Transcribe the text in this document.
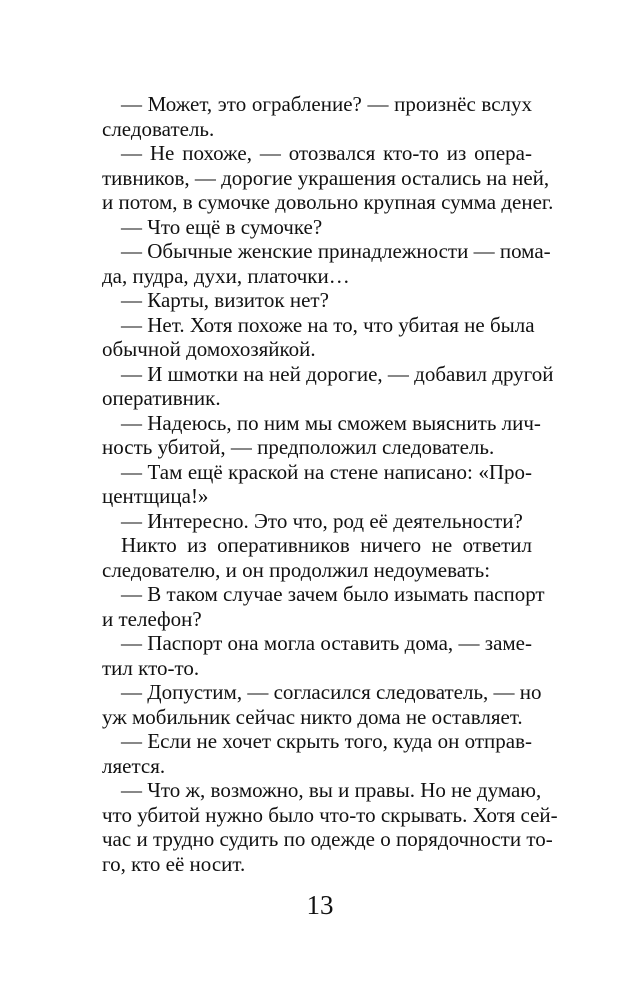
— Может, это ограбление? — произнёс вслух
следователь.
— Не похоже, — отозвался кто-то из опера-
тивников, — дорогие украшения остались на ней,
и потом, в сумочке довольно крупная сумма денег.
— Что ещё в сумочке?
— Обычные женские принадлежности — пома-
да, пудра, духи, платочки…
— Карты, визиток нет?
— Нет. Хотя похоже на то, что убитая не была
обычной домохозяйкой.
— И шмотки на ней дорогие, — добавил другой
оперативник.
— Надеюсь, по ним мы сможем выяснить лич-
ность убитой, — предположил следователь.
— Там ещё краской на стене написано: «Про-
центщица!»
— Интересно. Это что, род её деятельности?
Никто из оперативников ничего не ответил
следователю, и он продолжил недоумевать:
— В таком случае зачем было изымать паспорт
и телефон?
— Паспорт она могла оставить дома, — заме-
тил кто-то.
— Допустим, — согласился следователь, — но
уж мобильник сейчас никто дома не оставляет.
— Если не хочет скрыть того, куда он отправ-
ляется.
— Что ж, возможно, вы и правы. Но не думаю,
что убитой нужно было что-то скрывать. Хотя сей-
час и трудно судить по одежде о порядочности то-
го, кто её носит.
13
